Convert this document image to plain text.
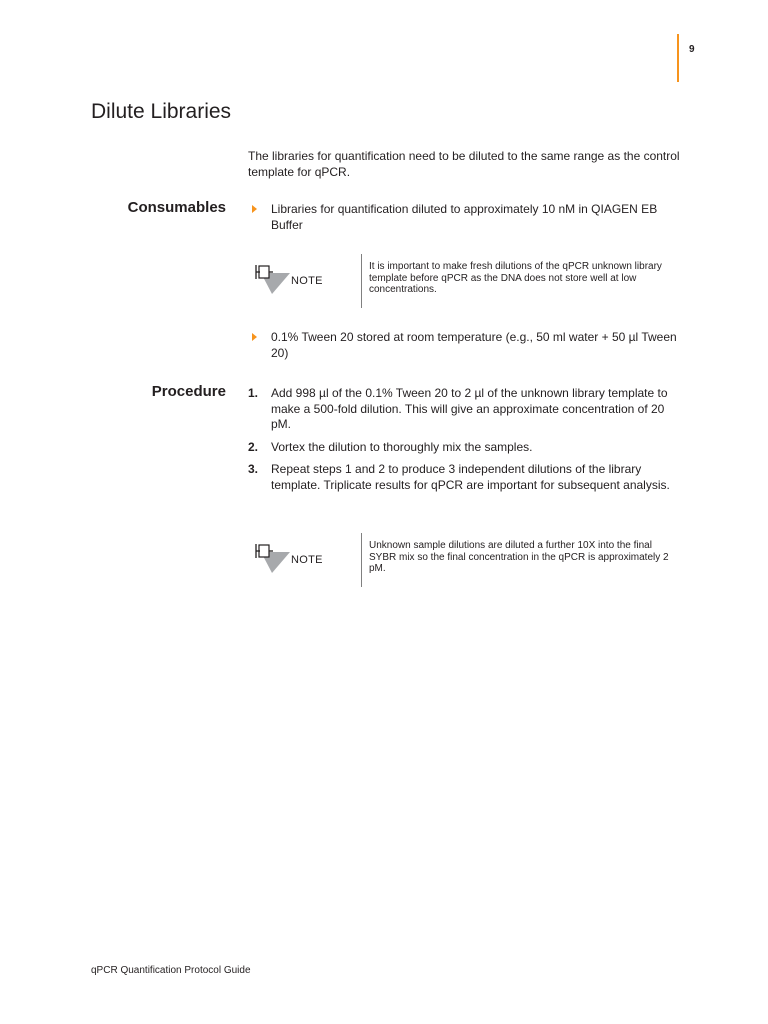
9
Dilute Libraries

The libraries for quantification need to be diluted to the same range as the control template for qPCR.

Consumables	Libraries for quantification diluted to approximately 10 nM in QIAGEN EB Buffer
NOTE
It is important to make fresh dilutions of the qPCR unknown library template before qPCR as the DNA does not store well at low concentrations.
0.1% Tween 20 stored at room temperature (e.g., 50 ml water + 50 µl Tween 20)
Procedure 1. Add 998 µl of the 0.1% Tween 20 to 2 µl of the unknown library template to make a 500-fold dilution. This will give an approximate concentration of 20 pM.
2. Vortex the dilution to thoroughly mix the samples.
3. Repeat steps 1 and 2 to produce 3 independent dilutions of the library template. Triplicate results for qPCR are important for subsequent analysis.
NOTE
Unknown sample dilutions are diluted a further 10X into the final SYBR mix so the final concentration in the qPCR is approximately 2 pM.
qPCR Quantification Protocol Guide
